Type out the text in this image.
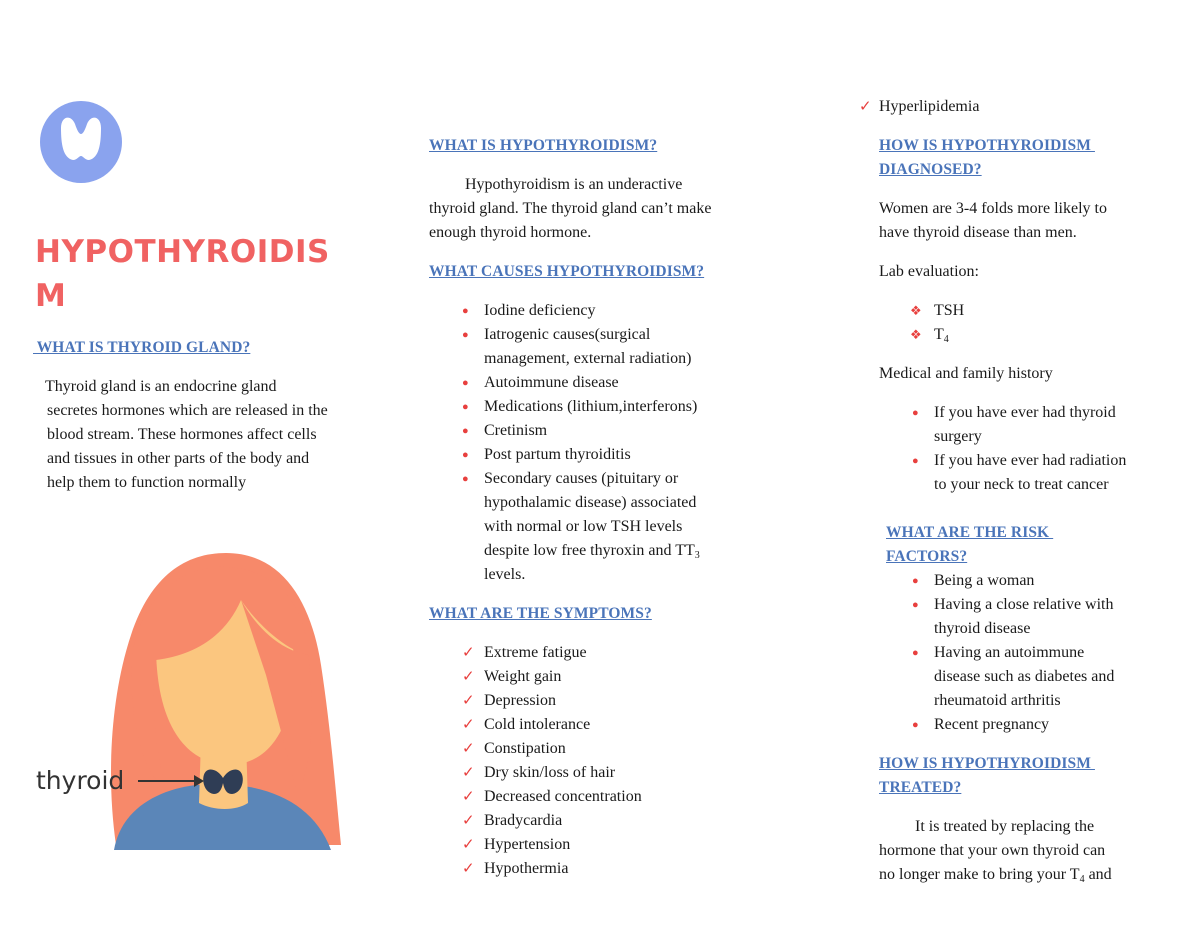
HYPOTHYROIDIS
M
WHAT IS THYROID GLAND?
Thyroid gland is an endocrine gland
secretes hormones which are released in the
blood stream. These hormones affect cells
and tissues in other parts of the body and
help them to function normally
thyroid
WHAT IS HYPOTHYROIDISM?
Hypothyroidism is an underactive
thyroid gland. The thyroid gland can’t make
enough thyroid hormone.
WHAT CAUSES HYPOTHYROIDISM?
● Iodine deficiency
● Iatrogenic causes(surgical
management, external radiation)
● Autoimmune disease
● Medications (lithium,interferons)
● Cretinism
● Post partum thyroiditis
● Secondary causes (pituitary or
hypothalamic disease) associated
with normal or low TSH levels
despite low free thyroxin and $TT_3$
levels.
WHAT ARE THE SYMPTOMS?
✓ Extreme fatigue
✓ Weight gain
✓ Depression
✓ Cold intolerance
✓ Constipation
✓ Dry skin/loss of hair
✓ Decreased concentration
✓ Bradycardia
✓ Hypertension
✓ Hypothermia
✓ Hyperlipidemia
HOW IS HYPOTHYROIDISM
DIAGNOSED?
Women are 3-4 folds more likely to
have thyroid disease than men.
Lab evaluation:
❖ TSH
❖ $T_4$
Medical and family history
● If you have ever had thyroid
surgery
● If you have ever had radiation
to your neck to treat cancer
WHAT ARE THE RISK
FACTORS?
● Being a woman
● Having a close relative with
thyroid disease
● Having an autoimmune
disease such as diabetes and
rheumatoid arthritis
● Recent pregnancy
HOW IS HYPOTHYROIDISM
TREATED?
It is treated by replacing the
hormone that your own thyroid can
no longer make to bring your $T_4$ and
